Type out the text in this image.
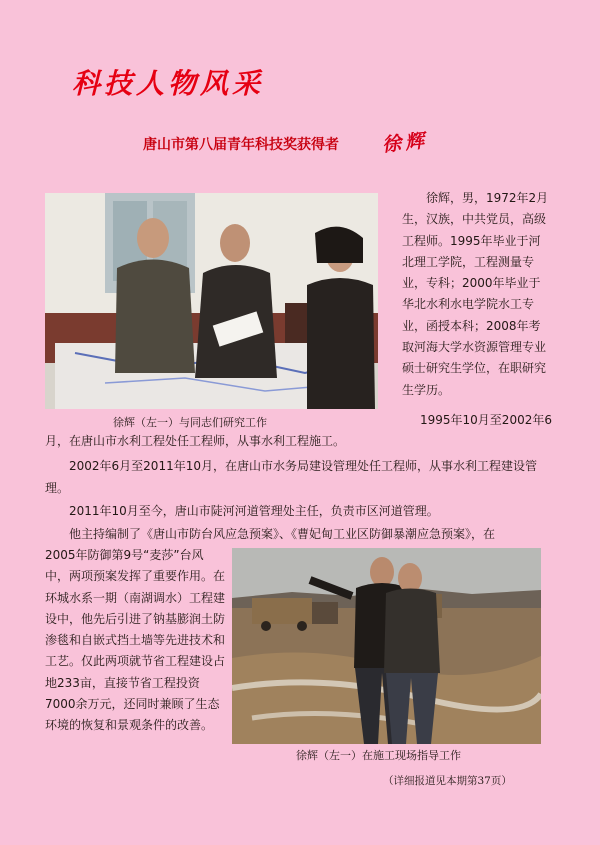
科技人物风采
唐山市第八届青年科技奖获得者 徐辉
徐辉，男，1972年2月生，汉族，中共党员，高级工程师。1995年毕业于河北理工学院，工程测量专业，专科；2000年毕业于华北水利水电学院水工专业，函授本科；2008年考取河海大学水资源管理专业硕士研究生学位，在职研究生学历。
徐辉（左一）与同志们研究工作	1995年10月至2002年6
月，在唐山市水利工程处任工程师，从事水利工程施工。
2002年6月至2011年10月，在唐山市水务局建设管理处任工程师，从事水利工程建设管
理。
2011年10月至今，唐山市陡河河道管理处主任，负责市区河道管理。
他主持编制了《唐山市防台风应急预案》、《曹妃甸工业区防御暴潮应急预案》，在
2005年防御第9号“麦莎”台风中，两项预案发挥了重要作用。在环城水系一期（南湖调水）工程建设中，他先后引进了钠基膨润土防渗毯和自嵌式挡土墙等先进技术和工艺。仅此两项就节省工程建设占地233亩，直接节省工程投资7000余万元，还同时兼顾了生态环境的恢复和景观条件的改善。
徐辉（左一）在施工现场指导工作
（详细报道见本期第37页）
